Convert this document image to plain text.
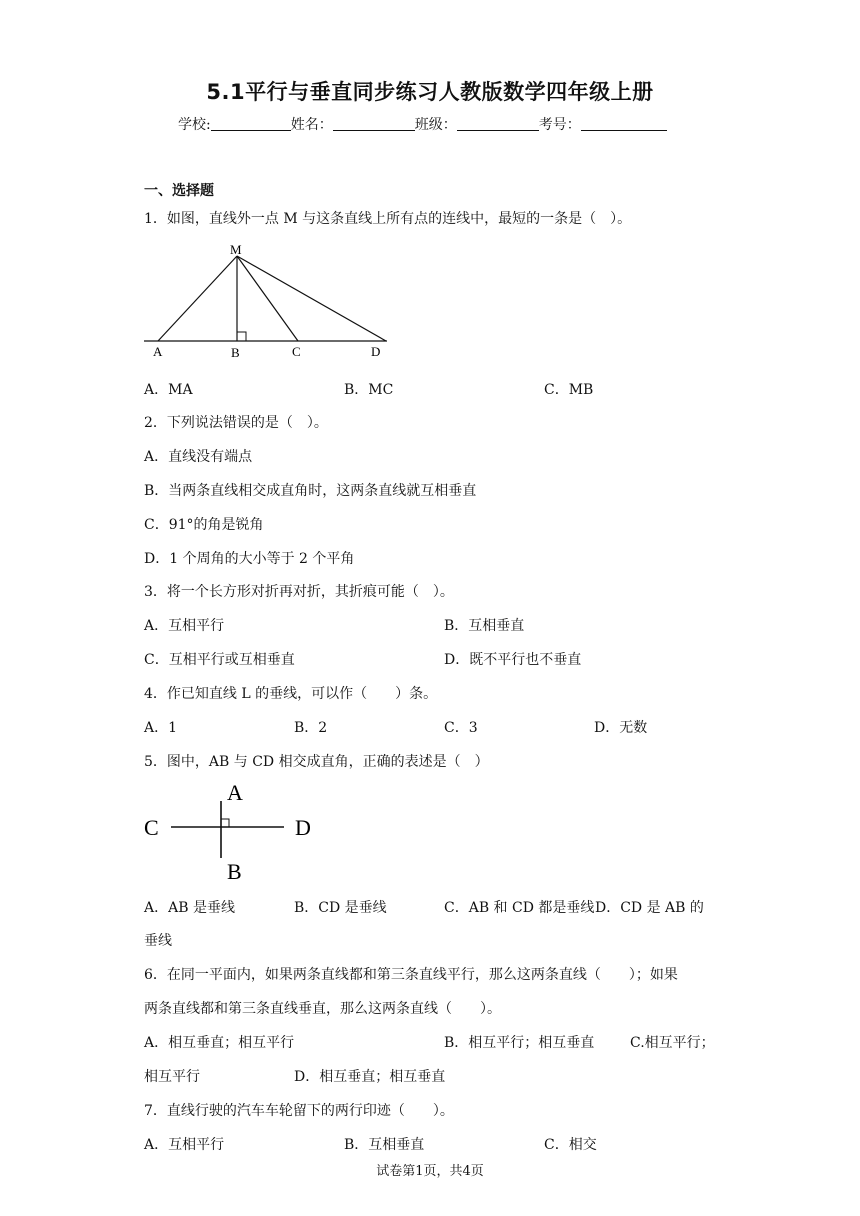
5.1平行与垂直同步练习人教版数学四年级上册
学校:	姓名：	班级：	考号：
一、选择题
1．如图，直线外一点 M 与这条直线上所有点的连线中，最短的一条是（　）。
M
A	B	C	D
A．MA	B．MC	C．MB
2．下列说法错误的是（　）。
A．直线没有端点
B．当两条直线相交成直角时，这两条直线就互相垂直
C．91°的角是锐角
D．1 个周角的大小等于 2 个平角
3．将一个长方形对折再对折，其折痕可能（　）。
A．互相平行	B．互相垂直
C．互相平行或互相垂直	D．既不平行也不垂直
4．作已知直线 L 的垂线，可以作（　　）条。
A．1	B．2	C．3	D．无数
5．图中，AB 与 CD 相交成直角，正确的表述是（　）
A
B
C	D
A．AB 是垂线	B．CD 是垂线	C．AB 和 CD 都是垂线 D．CD 是 AB 的
垂线
6．在同一平面内，如果两条直线都和第三条直线平行，那么这两条直线（　　）；如果
两条直线都和第三条直线垂直，那么这两条直线（　　）。
A．相互垂直；相互平行	B．相互平行；相互垂直	C.相互平行；
相互平行	D．相互垂直；相互垂直
7．直线行驶的汽车车轮留下的两行印迹（　　）。
A．互相平行	B．互相垂直	C．相交
试卷第1页，共4页
